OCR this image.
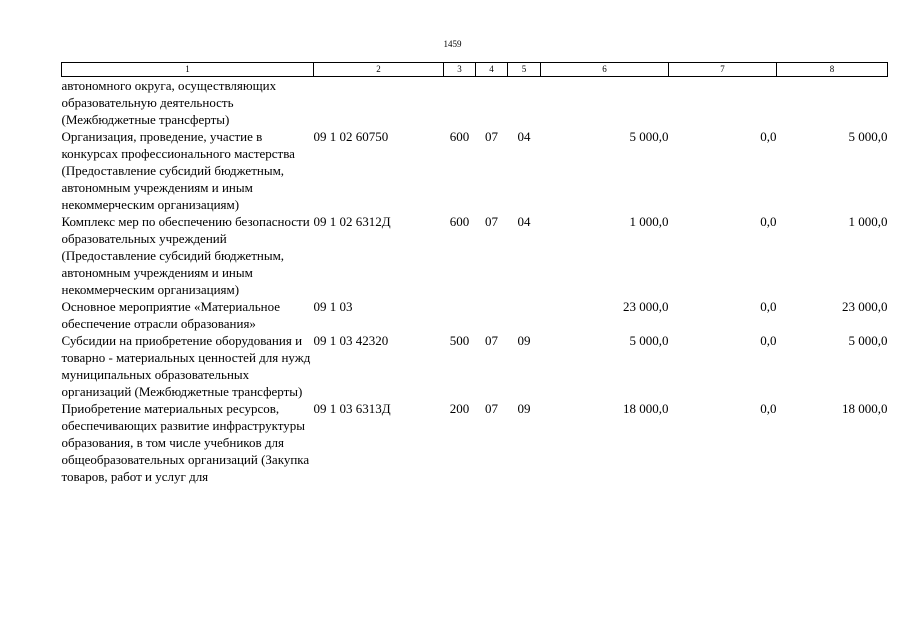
1459
1	2	3	4	5	6	7	8
автономного округа, осуществляющих образовательную деятельность (Межбюджетные трансферты)							
Организация, проведение, участие в конкурсах профессионального мастерства (Предоставление субсидий бюджетным, автономным учреждениям и иным некоммерческим организациям)	09 1 02 60750	600	07	04	5 000,0	0,0	5 000,0
Комплекс мер по обеспечению безопасности образовательных учреждений (Предоставление субсидий бюджетным, автономным учреждениям и иным некоммерческим организациям)	09 1 02 6312Д	600	07	04	1 000,0	0,0	1 000,0
Основное мероприятие «Материальное обеспечение отрасли образования»	09 1 03				23 000,0	0,0	23 000,0
Субсидии на приобретение оборудования и товарно - материальных ценностей для нужд муниципальных образовательных организаций (Межбюджетные трансферты)	09 1 03 42320	500	07	09	5 000,0	0,0	5 000,0
Приобретение материальных ресурсов, обеспечивающих развитие инфраструктуры образования, в том числе учебников для общеобразовательных организаций (Закупка товаров, работ и услуг для	09 1 03 6313Д	200	07	09	18 000,0	0,0	18 000,0
